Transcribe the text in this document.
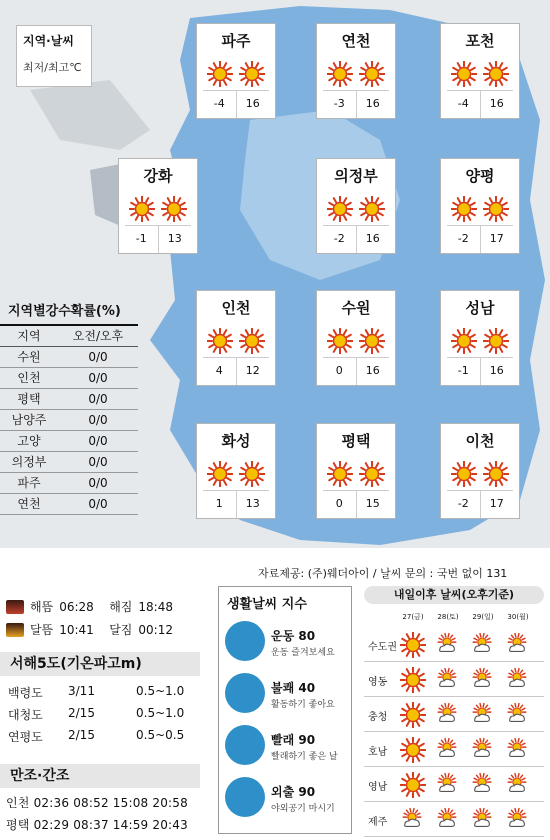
지역·날씨
최저/최고℃
파주
-4	16
연천
-3	16
포천
-4	16
강화
-1	13
의정부
-2	16
양평
-2	17
인천
4	12
수원
0	16
성남
-1	16
화성
1	13
평택
0	15
이천
-2	17
지역별강수확률(%)
지역	오전/오후
수원	0/0
인천	0/0
평택	0/0
남양주	0/0
고양	0/0
의정부	0/0
파주	0/0
연천	0/0
자료제공: (주)웨더아이 / 날씨 문의 : 국번 없이 131
해뜸 06:28	해짐 18:48
달뜸 10:41	달짐 00:12
서해5도(기온파고m)
백령도	3/11	0.5~1.0
대청도	2/15	0.5~1.0
연평도	2/15	0.5~0.5
만조·간조
인천 02:36 08:52 15:08 20:58
평택 02:29 08:37 14:59 20:43
생활날씨 지수
운동 80
운동 즐겨보세요
불쾌 40
활동하기 좋아요
빨래 90
빨래하기 좋은 날
외출 90
야외공기 마시기
내일이후 날씨(오후기준)
27(금)	28(토)	29(일)	30(월)
수도권
영동
충청
호남
영남
제주
